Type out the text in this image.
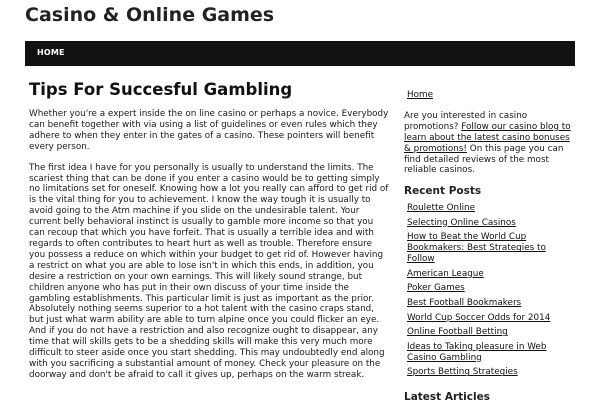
Casino & Online Games
HOME
Tips For Succesful Gambling

Whether you're a expert inside the on line casino or perhaps a novice. Everybody can benefit together with via using a list of guidelines or even rules which they adhere to when they enter in the gates of a casino. These pointers will benefit every person.

The first idea I have for you personally is usually to understand the limits. The scariest thing that can be done if you enter a casino would be to getting simply no limitations set for oneself. Knowing how a lot you really can afford to get rid of is the vital thing for you to achievement. I know the way tough it is usually to avoid going to the Atm machine if you slide on the undesirable talent. Your current belly behavioral instinct is usually to gamble more income so that you can recoup that which you have forfeit. That is usually a terrible idea and with regards to often contributes to heart hurt as well as trouble. Therefore ensure you possess a reduce on which within your budget to get rid of. However having a restrict on what you are able to lose isn't in which this ends, in addition, you desire a restriction on your own earnings. This will likely sound strange, but children anyone who has put in their own discuss of your time inside the gambling establishments. This particular limit is just as important as the prior. Absolutely nothing seems superior to a hot talent with the casino craps stand, but just what warm ability are able to turn alpine once you could flicker an eye. And if you do not have a restriction and also recognize ought to disappear, any time that will skills gets to be a shedding skills will make this very much more difficult to steer aside once you start shedding. This may undoubtedly end along with you sacrificing a substantial amount of money. Check your pleasure on the doorway and don't be afraid to call it gives up, perhaps on the warm streak.

Home

Are you interested in casino promotions? Follow our casino blog to learn about the latest casino bonuses & promotions! On this page you can find detailed reviews of the most reliable casinos.

Recent Posts
Roulette Online
Selecting Online Casinos
How to Beat the World Cup Bookmakers: Best Strategies to Follow
American League
Poker Games
Best Football Bookmakers
World Cup Soccer Odds for 2014
Online Football Betting
Ideas to Taking pleasure in Web Casino Gambling
Sports Betting Strategies
Latest Articles
